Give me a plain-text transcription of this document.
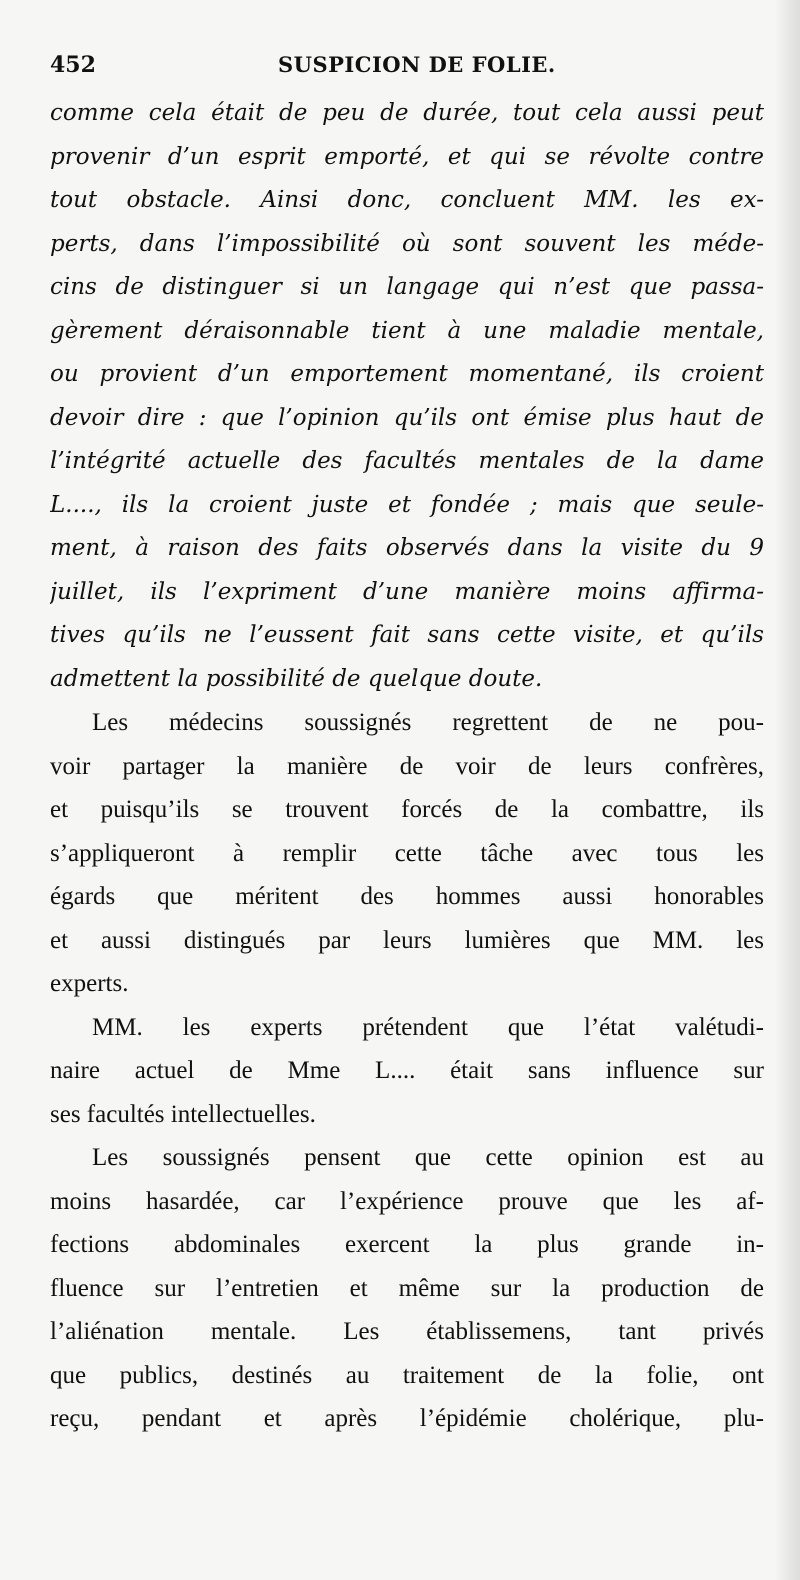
452	SUSPICION DE FOLIE.
comme cela était de peu de durée, tout cela aussi peut
provenir d’un esprit emporté, et qui se révolte contre
tout obstacle. Ainsi donc, concluent MM. les ex-
perts, dans l’impossibilité où sont souvent les méde-
cins de distinguer si un langage qui n’est que passa-
gèrement déraisonnable tient à une maladie mentale,
ou provient d’un emportement momentané, ils croient
devoir dire : que l’opinion qu’ils ont émise plus haut de
l’intégrité actuelle des facultés mentales de la dame
L...., ils la croient juste et fondée ; mais que seule-
ment, à raison des faits observés dans la visite du 9
juillet, ils l’expriment d’une manière moins affirma-
tives qu’ils ne l’eussent fait sans cette visite, et qu’ils
admettent la possibilité de quelque doute.
Les médecins soussignés regrettent de ne pou-
voir partager la manière de voir de leurs confrères,
et puisqu’ils se trouvent forcés de la combattre, ils
s’appliqueront à remplir cette tâche avec tous les
égards que méritent des hommes aussi honorables
et aussi distingués par leurs lumières que MM. les
experts.
MM. les experts prétendent que l’état valétudi-
naire actuel de Mme L.... était sans influence sur
ses facultés intellectuelles.
Les soussignés pensent que cette opinion est au
moins hasardée, car l’expérience prouve que les af-
fections abdominales exercent la plus grande in-
fluence sur l’entretien et même sur la production de
l’aliénation mentale. Les établissemens, tant privés
que publics, destinés au traitement de la folie, ont
reçu, pendant et après l’épidémie cholérique, plu-
